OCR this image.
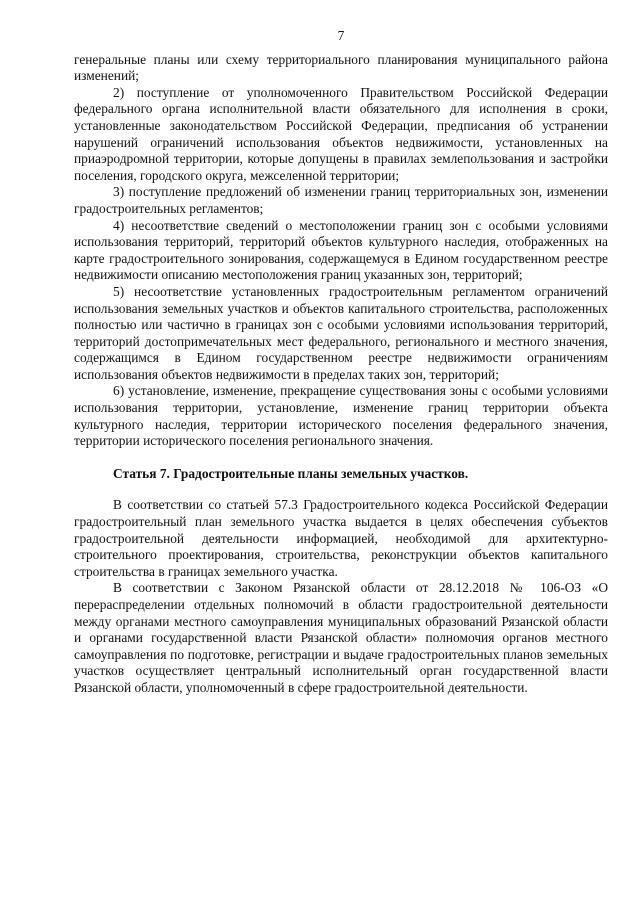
7

генеральные планы или схему территориального планирования муниципального района изменений;

2) поступление от уполномоченного Правительством Российской Федерации федерального органа исполнительной власти обязательного для исполнения в сроки, установленные законодательством Российской Федерации, предписания об устранении нарушений ограничений использования объектов недвижимости, установленных на приаэродромной территории, которые допущены в правилах землепользования и застройки поселения, городского округа, межселенной территории;

3) поступление предложений об изменении границ территориальных зон, изменении градостроительных регламентов;

4) несоответствие сведений о местоположении границ зон с особыми условиями использования территорий, территорий объектов культурного наследия, отображенных на карте градостроительного зонирования, содержащемуся в Едином государственном реестре недвижимости описанию местоположения границ указанных зон, территорий;

5) несоответствие установленных градостроительным регламентом ограничений использования земельных участков и объектов капитального строительства, расположенных полностью или частично в границах зон с особыми условиями использования территорий, территорий достопримечательных мест федерального, регионального и местного значения, содержащимся в Едином государственном реестре недвижимости ограничениям использования объектов недвижимости в пределах таких зон, территорий;

6) установление, изменение, прекращение существования зоны с особыми условиями использования территории, установление, изменение границ территории объекта культурного наследия, территории исторического поселения федерального значения, территории исторического поселения регионального значения.

Статья 7. Градостроительные планы земельных участков.

В соответствии со статьей 57.3 Градостроительного кодекса Российской Федерации градостроительный план земельного участка выдается в целях обеспечения субъектов градостроительной деятельности информацией, необходимой для архитектурно-строительного проектирования, строительства, реконструкции объектов капитального строительства в границах земельного участка.

В соответствии с Законом Рязанской области от 28.12.2018 № 106-ОЗ «О перераспределении отдельных полномочий в области градостроительной деятельности между органами местного самоуправления муниципальных образований Рязанской области и органами государственной власти Рязанской области» полномочия органов местного самоуправления по подготовке, регистрации и выдаче градостроительных планов земельных участков осуществляет центральный исполнительный орган государственной власти Рязанской области, уполномоченный в сфере градостроительной деятельности.
